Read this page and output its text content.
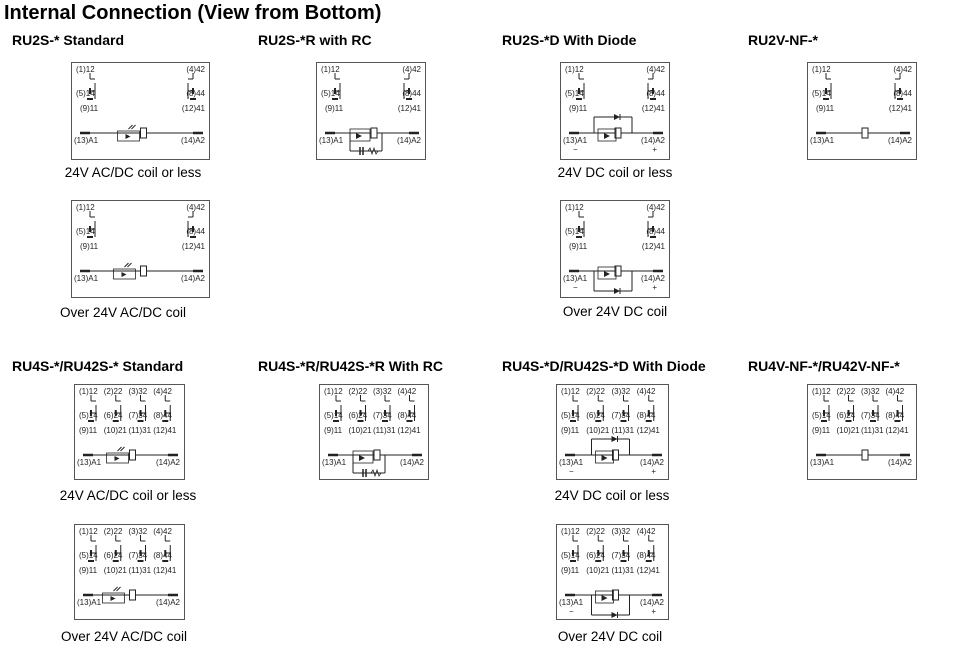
Internal Connection (View from Bottom)
RU2S-* Standard
(1)12	(4)42
(5)14	(8)44
(9)11	(12)41
(13)A1	(14)A2
24V AC/DC coil or less
(1)12	(4)42
(5)14	(8)44
(9)11	(12)41
(13)A1	(14)A2
Over 24V AC/DC coil
RU2S-*R with RC
(1)12	(4)42
(5)14	(8)44
(9)11	(12)41
(13)A1	(14)A2
RU2S-*D With Diode
(1)12	(4)42
(5)14	(8)44
(9)11	(12)41
(13)A1	(14)A2
−	+
24V DC coil or less
(1)12	(4)42
(5)14	(8)44
(9)11	(12)41
(13)A1	(14)A2
−	+
Over 24V DC coil
RU2V-NF-*
(1)12	(4)42
(5)14	(8)44
(9)11	(12)41
(13)A1	(14)A2
RU4S-*/RU42S-* Standard
(1)12
(5)14
(9)11
(2)22
(6)24
(10)21
(3)32
(7)34
(11)31
(4)42
(8)44
(12)41
(13)A1	(14)A2
24V AC/DC coil or less
(1)12
(5)14
(9)11
(2)22
(6)24
(10)21
(3)32
(7)34
(11)31
(4)42
(8)44
(12)41
(13)A1	(14)A2
Over 24V AC/DC coil
RU4S-*R/RU42S-*R With RC
(1)12
(5)14
(9)11
(2)22
(6)24
(10)21
(3)32
(7)34
(11)31
(4)42
(8)44
(12)41
(13)A1	(14)A2
RU4S-*D/RU42S-*D With Diode
(1)12
(5)14
(9)11
(2)22
(6)24
(10)21
(3)32
(7)34
(11)31
(4)42
(8)44
(12)41
(13)A1	(14)A2
−	+
24V DC coil or less
(1)12
(5)14
(9)11
(2)22
(6)24
(10)21
(3)32
(7)34
(11)31
(4)42
(8)44
(12)41
(13)A1	(14)A2
−	+
Over 24V DC coil
RU4V-NF-*/RU42V-NF-*
(1)12
(5)14
(9)11
(2)22
(6)24
(10)21
(3)32
(7)34
(11)31
(4)42
(8)44
(12)41
(13)A1	(14)A2
